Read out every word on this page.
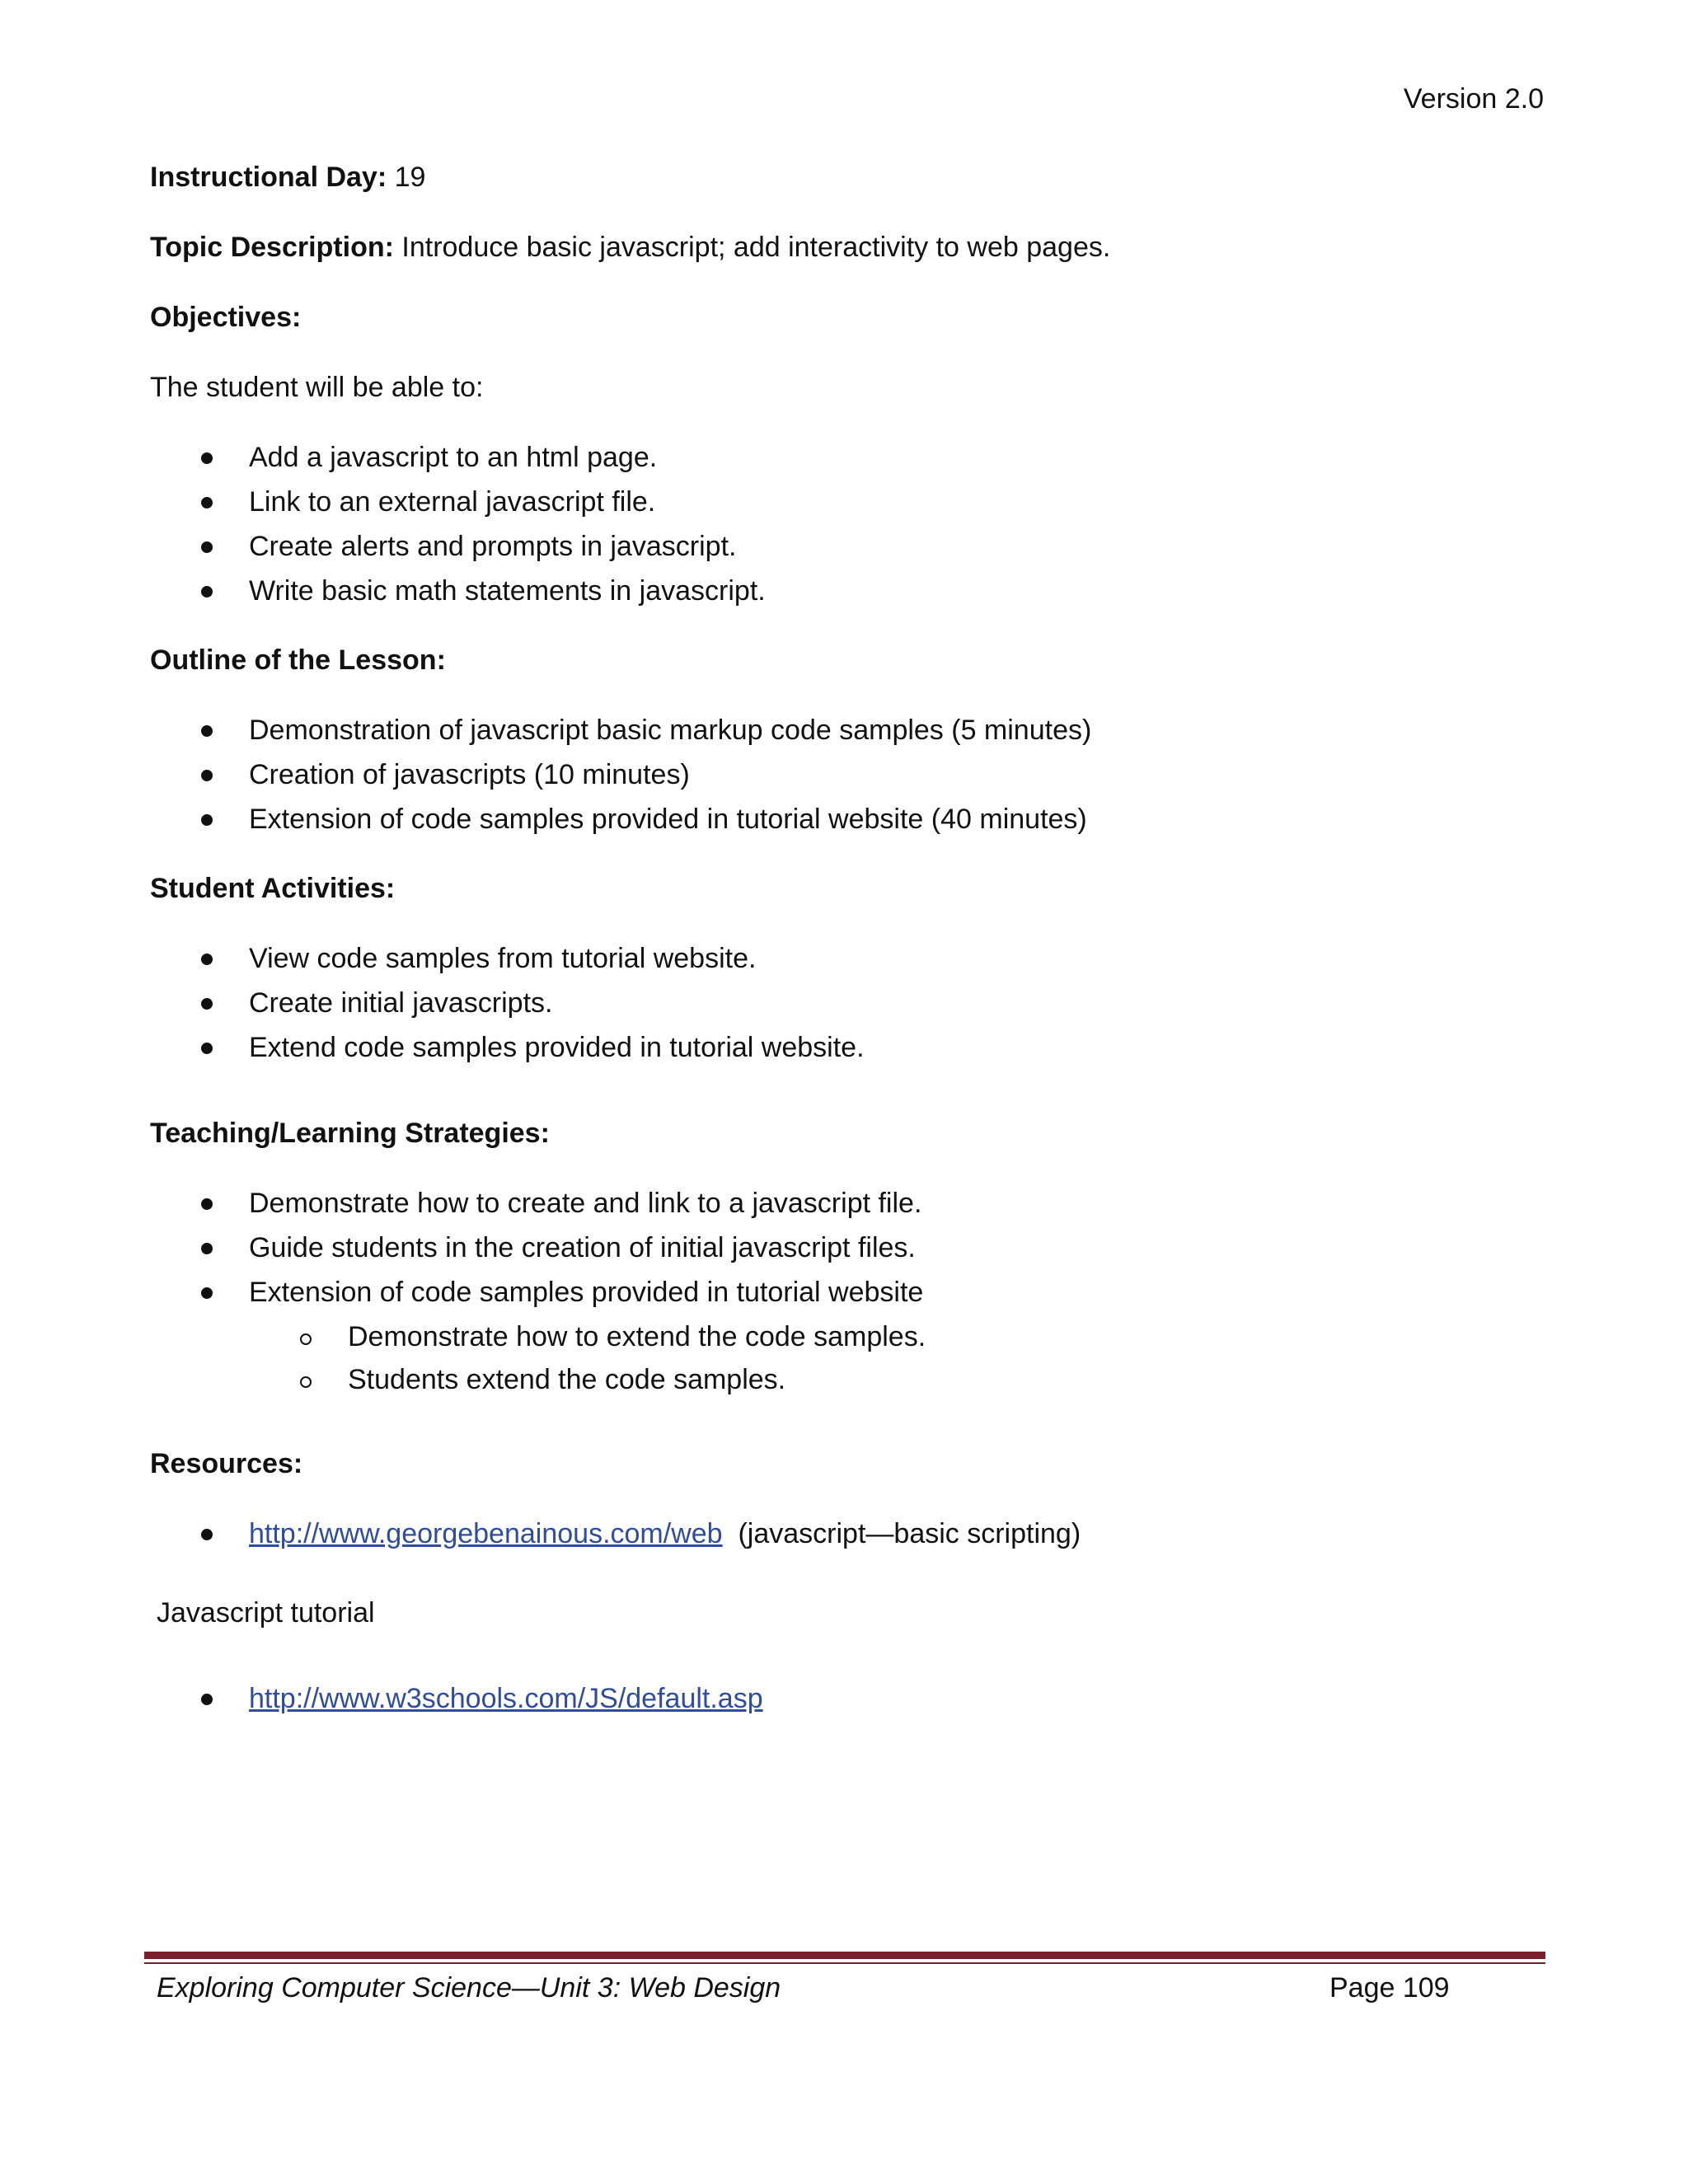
Version 2.0

Instructional Day: 19

Topic Description: Introduce basic javascript; add interactivity to web pages.

Objectives:

The student will be able to:

Add a javascript to an html page.
Link to an external javascript file.
Create alerts and prompts in javascript.
Write basic math statements in javascript.

Outline of the Lesson:

Demonstration of javascript basic markup code samples (5 minutes)
Creation of javascripts (10 minutes)
Extension of code samples provided in tutorial website (40 minutes)

Student Activities:

View code samples from tutorial website.
Create initial javascripts.
Extend code samples provided in tutorial website.

Teaching/Learning Strategies:

Demonstrate how to create and link to a javascript file.
Guide students in the creation of initial javascript files.
Extension of code samples provided in tutorial website
Demonstrate how to extend the code samples.
Students extend the code samples.

Resources:

http://www.georgebenainous.com/web (javascript—basic scripting)

Javascript tutorial

http://www.w3schools.com/JS/default.asp
Exploring Computer Science—Unit 3: Web Design	Page 109
